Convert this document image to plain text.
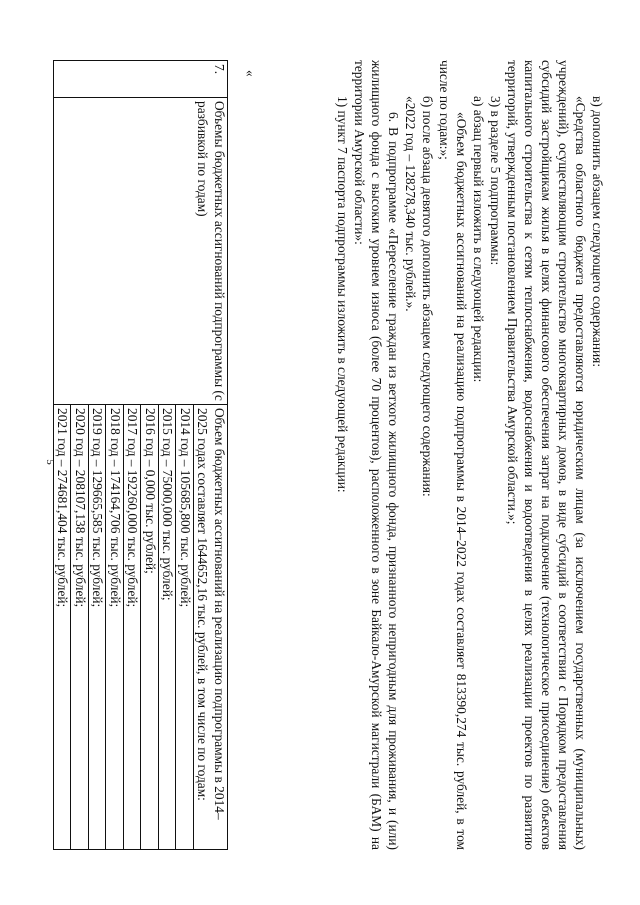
5

в) дополнить абзацем следующего содержания:

«Средства областного бюджета предоставляются юридическим лицам (за исключением государственных (муниципальных) учреждений), осуществляющим строительство многоквартирных домов, в виде субсидий в соответствии с Порядком предоставления субсидий застройщикам жилья в целях финансового обеспечения затрат на подключение (технологическое присоединение) объектов капитального строительства к сетям теплоснабжения, водоснабжения и водоотведения в целях реализации проектов по развитию территорий, утвержденным постановлением Правительства Амурской области.»;

3) в разделе 5 подпрограммы:

а) абзац первый изложить в следующей редакции:

«Объем бюджетных ассигнований на реализацию подпрограммы в 2014–2022 годах составляет 813390,274 тыс. рублей, в том числе по годам:»;

б) после абзаца девятого дополнить абзацем следующего содержания:

«2022 год – 128278,340 тыс. рублей.».

6. В подпрограмме «Переселение граждан из ветхого жилищного фонда, признанного непригодным для проживания, и (или) жилищного фонда с высоким уровнем износа (более 70 процентов), расположенного в зоне Байкало-Амурской магистрали (БАМ) на территории Амурской области»:

1) пункт 7 паспорта подпрограммы изложить в следующей редакции:

«
7.	Объемы бюджетных ассигнований подпрограммы (с разбивкой по годам)	
Объем бюджетных ассигнований на реализацию подпрограммы в 2014–2025 годах составляет 1644652,16 тыс. рублей, в том числе по годам:
2014 год – 105685,800 тыс. рублей;
2015 год – 75000,000 тыс. рублей;
2016 год – 0,000 тыс. рублей;
2017 год – 192260,000 тыс. рублей;
2018 год – 174164,706 тыс. рублей;
2019 год – 129665,585 тыс. рублей;
2020 год – 208107,138 тыс. рублей;
2021 год – 274681,404 тыс. рублей;
